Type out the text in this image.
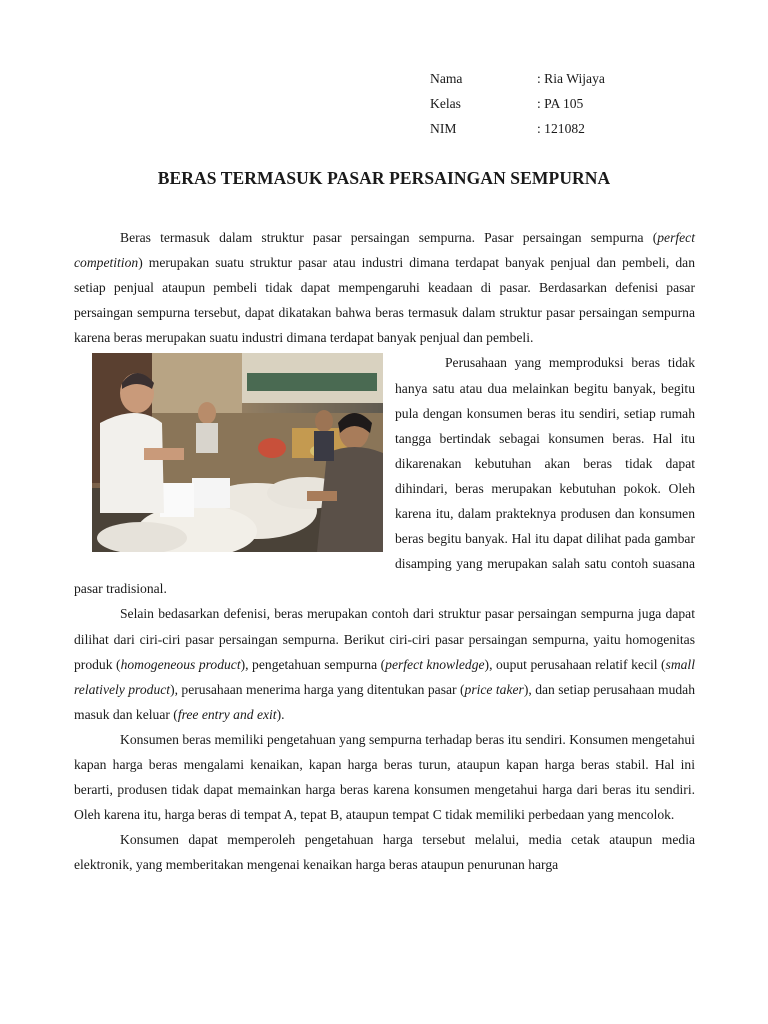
Nama	: Ria Wijaya
Kelas	: PA 105
NIM	: 121082
BERAS TERMASUK PASAR PERSAINGAN SEMPURNA

Beras termasuk dalam struktur pasar persaingan sempurna. Pasar persaingan sempurna (perfect competition) merupakan suatu struktur pasar atau industri dimana terdapat banyak penjual dan pembeli, dan setiap penjual ataupun pembeli tidak dapat mempengaruhi keadaan di pasar. Berdasarkan defenisi pasar persaingan sempurna tersebut, dapat dikatakan bahwa beras termasuk dalam struktur pasar persaingan sempurna karena beras merupakan suatu industri dimana terdapat banyak penjual dan pembeli.

Perusahaan yang memproduksi beras tidak hanya satu atau dua melainkan begitu banyak, begitu pula dengan konsumen beras itu sendiri, setiap rumah tangga bertindak sebagai konsumen beras. Hal itu dikarenakan kebutuhan akan beras tidak dapat dihindari, beras merupakan kebutuhan pokok. Oleh karena itu, dalam prakteknya produsen dan konsumen beras begitu banyak. Hal itu dapat dilihat pada gambar disamping yang merupakan salah satu contoh suasana pasar tradisional.

Selain bedasarkan defenisi, beras merupakan contoh dari struktur pasar persaingan sempurna juga dapat dilihat dari ciri-ciri pasar persaingan sempurna. Berikut ciri-ciri pasar persaingan sempurna, yaitu homogenitas produk (homogeneous product), pengetahuan sempurna (perfect knowledge), ouput perusahaan relatif kecil (small relatively product), perusahaan menerima harga yang ditentukan pasar (price taker), dan setiap perusahaan mudah masuk dan keluar (free entry and exit).

Konsumen beras memiliki pengetahuan yang sempurna terhadap beras itu sendiri. Konsumen mengetahui kapan harga beras mengalami kenaikan, kapan harga beras turun, ataupun kapan harga beras stabil. Hal ini berarti, produsen tidak dapat memainkan harga beras karena konsumen mengetahui harga dari beras itu sendiri. Oleh karena itu, harga beras di tempat A, tepat B, ataupun tempat C tidak memiliki perbedaan yang mencolok.

Konsumen dapat memperoleh pengetahuan harga tersebut melalui, media cetak ataupun media elektronik, yang memberitakan mengenai kenaikan harga beras ataupun penurunan harga
